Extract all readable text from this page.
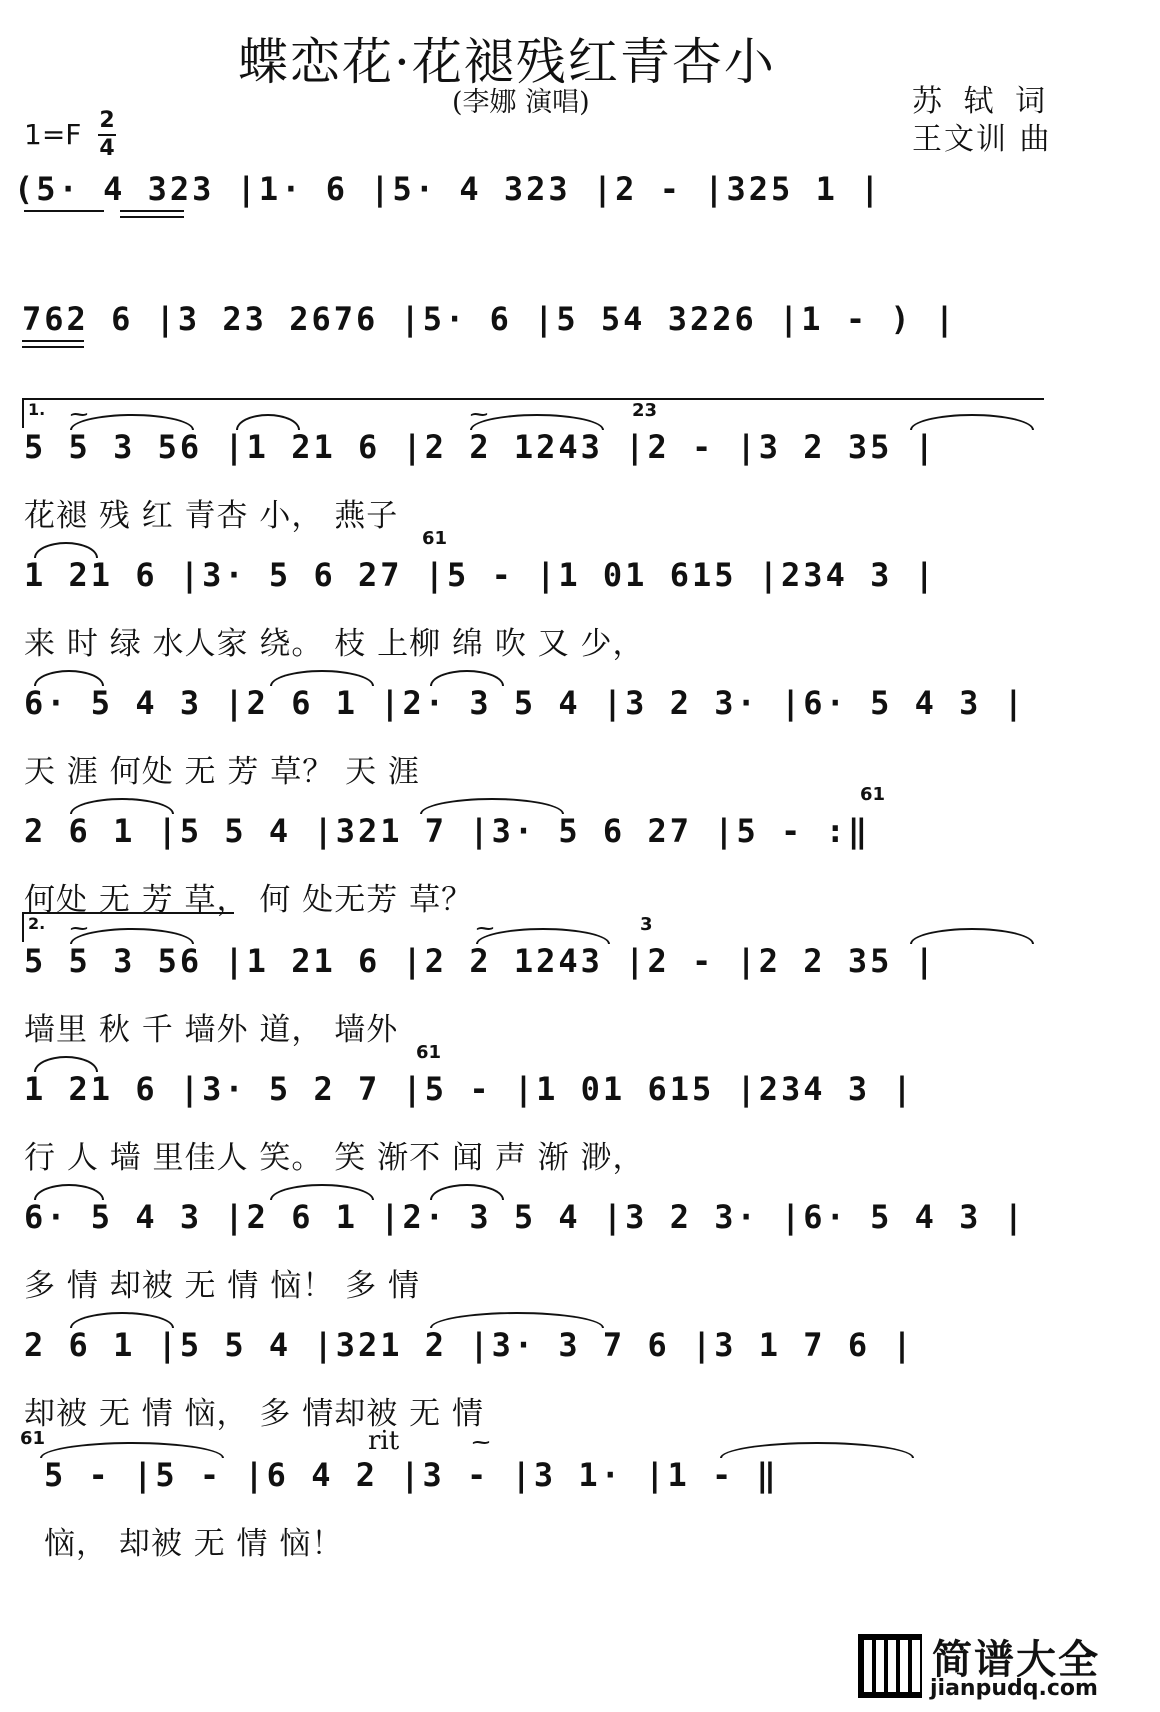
蝶恋花·花褪残红青杏小
(李娜 演唱)	苏 轼 词
王文训 曲
1=F 2
4
(5· 4 323 |1· 6 |5· 4 323 |2 - |325 1 |
762 6 |3 23 2676 |5· 6 |5 54 3226 |1 - ) |
1. ⁓	⁓	23
5 5 3 56 |1 21 6 |2 2 1243 |2 - |3 2 35 |
花褪 残 红 青杏 小， 燕子
61
1 21 6 |3· 5 6 27 |5 - |1 01 615 |234 3 |
来 时 绿 水人家 绕。 枝 上柳 绵 吹 又 少，
6· 5 4 3 |2 6 1 |2· 3 5 4 |3 2 3· |6· 5 4 3 |
天 涯 何处 无 芳 草？ 天 涯
61
2 6 1 |5 5 4 |321 7 |3· 5 6 27 |5 - :‖
何处 无 芳 草， 何 处无芳 草？
2. ⁓	⁓	3
5 5 3 56 |1 21 6 |2 2 1243 |2 - |2 2 35 |
墙里 秋 千 墙外 道， 墙外
61
1 21 6 |3· 5 2 7 |5 - |1 01 615 |234 3 |
行 人 墙 里佳人 笑。 笑 渐不 闻 声 渐 渺，
6· 5 4 3 |2 6 1 |2· 3 5 4 |3 2 3· |6· 5 4 3 |
多 情 却被 无 情 恼！ 多 情
2 6 1 |5 5 4 |321 2 |3· 3 7 6 |3 1 7 6 |
却被 无 情 恼， 多 情却被 无 情
61	rit	⁓
5 - |5 - |6 4 2 |3 - |3 1· |1 - ‖
恼， 却被 无 情 恼！
简谱大全
jianpudq.com
